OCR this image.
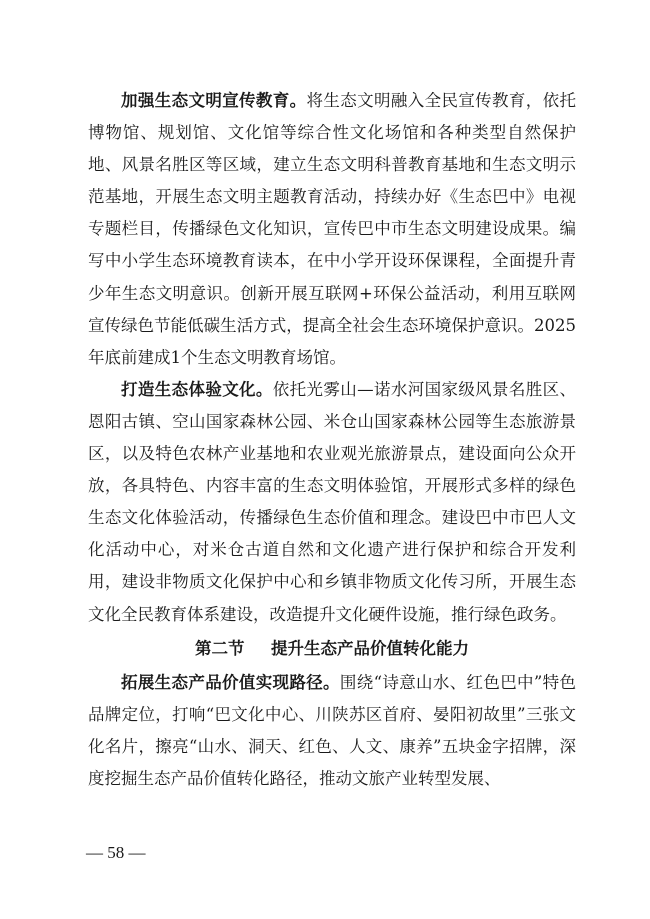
加强生态文明宣传教育。将生态文明融入全民宣传教育，依托博物馆、规划馆、文化馆等综合性文化场馆和各种类型自然保护地、风景名胜区等区域，建立生态文明科普教育基地和生态文明示范基地，开展生态文明主题教育活动，持续办好《生态巴中》电视专题栏目，传播绿色文化知识，宣传巴中市生态文明建设成果。编写中小学生态环境教育读本，在中小学开设环保课程，全面提升青少年生态文明意识。创新开展互联网+环保公益活动，利用互联网宣传绿色节能低碳生活方式，提高全社会生态环境保护意识。2025年底前建成1个生态文明教育场馆。

打造生态体验文化。依托光雾山—诺水河国家级风景名胜区、恩阳古镇、空山国家森林公园、米仓山国家森林公园等生态旅游景区，以及特色农林产业基地和农业观光旅游景点，建设面向公众开放，各具特色、内容丰富的生态文明体验馆，开展形式多样的绿色生态文化体验活动，传播绿色生态价值和理念。建设巴中市巴人文化活动中心，对米仓古道自然和文化遗产进行保护和综合开发利用，建设非物质文化保护中心和乡镇非物质文化传习所，开展生态文化全民教育体系建设，改造提升文化硬件设施，推行绿色政务。

第二节 提升生态产品价值转化能力

拓展生态产品价值实现路径。围绕“诗意山水、红色巴中”特色品牌定位，打响“巴文化中心、川陕苏区首府、晏阳初故里”三张文化名片，擦亮“山水、洞天、红色、人文、康养”五块金字招牌，深度挖掘生态产品价值转化路径，推动文旅产业转型发展、

— 58 —
